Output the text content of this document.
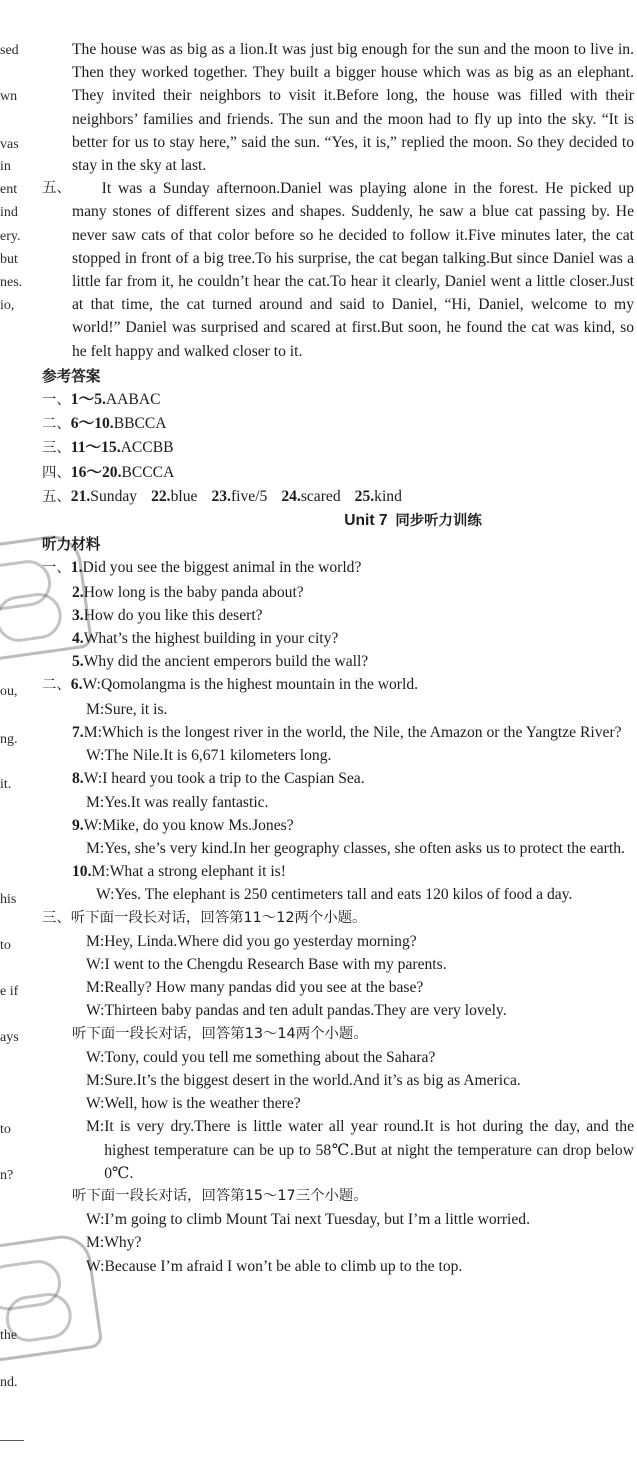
sed
wn
vas
in
ent
ind
ery.
but
nes.
io,
ou,
ng.
it.
his
to
e if
ays
to
n?
the
nd.

The house was as big as a lion.It was just big enough for the sun and the moon to live in. Then they worked together. They built a bigger house which was as big as an elephant. They invited their neighbors to visit it.Before long, the house was filled with their neighbors’ families and friends. The sun and the moon had to fly up into the sky. “It is better for us to stay here,” said the sun. “Yes, it is,” replied the moon. So they decided to stay in the sky at last.

五、	It was a Sunday afternoon.Daniel was playing alone in the forest. He picked up many stones of different sizes and shapes. Suddenly, he saw a blue cat passing by. He never saw cats of that color before so he decided to follow it.Five minutes later, the cat stopped in front of a big tree.To his surprise, the cat began talking.But since Daniel was a little far from it, he couldn’t hear the cat.To hear it clearly, Daniel went a little closer.Just at that time, the cat turned around and said to Daniel, “Hi, Daniel, welcome to my world!” Daniel was surprised and scared at first.But soon, he found the cat was kind, so he felt happy and walked closer to it.

参考答案
一、1～5.AABAC
二、6～10.BBCCA
三、11～15.ACCBB
四、16～20.BCCCA
五、21.Sunday 22.blue 23.five/5 24.scared 25.kind
Unit 7 同步听力训练
听力材料
一、1.Did you see the biggest animal in the world?
2.How long is the baby panda about?
3.How do you like this desert?
4.What’s the highest building in your city?
5.Why did the ancient emperors build the wall?
二、6.W:Qomolangma is the highest mountain in the world.
M:Sure, it is.
7.M: Which is the longest river in the world, the Nile, the Amazon or the Yangtze River?
W:The Nile.It is 6,671 kilometers long.
8.W:I heard you took a trip to the Caspian Sea.
M:Yes.It was really fantastic.
9.W:Mike, do you know Ms.Jones?
M: Yes, she’s very kind.In her geography classes, she often asks us to protect the earth.
10.M:What a strong elephant it is!
W: Yes. The elephant is 250 centimeters tall and eats 120 kilos of food a day.
三、听下面一段长对话，回答第11～12两个小题。
M:Hey, Linda.Where did you go yesterday morning?
W:I went to the Chengdu Research Base with my parents.
M:Really? How many pandas did you see at the base?
W:Thirteen baby pandas and ten adult pandas.They are very lovely.
听下面一段长对话，回答第13～14两个小题。
W:Tony, could you tell me something about the Sahara?
M:Sure.It’s the biggest desert in the world.And it’s as big as America.
W:Well, how is the weather there?
M: It is very dry.There is little water all year round.It is hot during the day, and the highest temperature can be up to 58℃.But at night the temperature can drop below 0℃.
听下面一段长对话，回答第15～17三个小题。
W:I’m going to climb Mount Tai next Tuesday, but I’m a little worried.
M:Why?
W:Because I’m afraid I won’t be able to climb up to the top.
